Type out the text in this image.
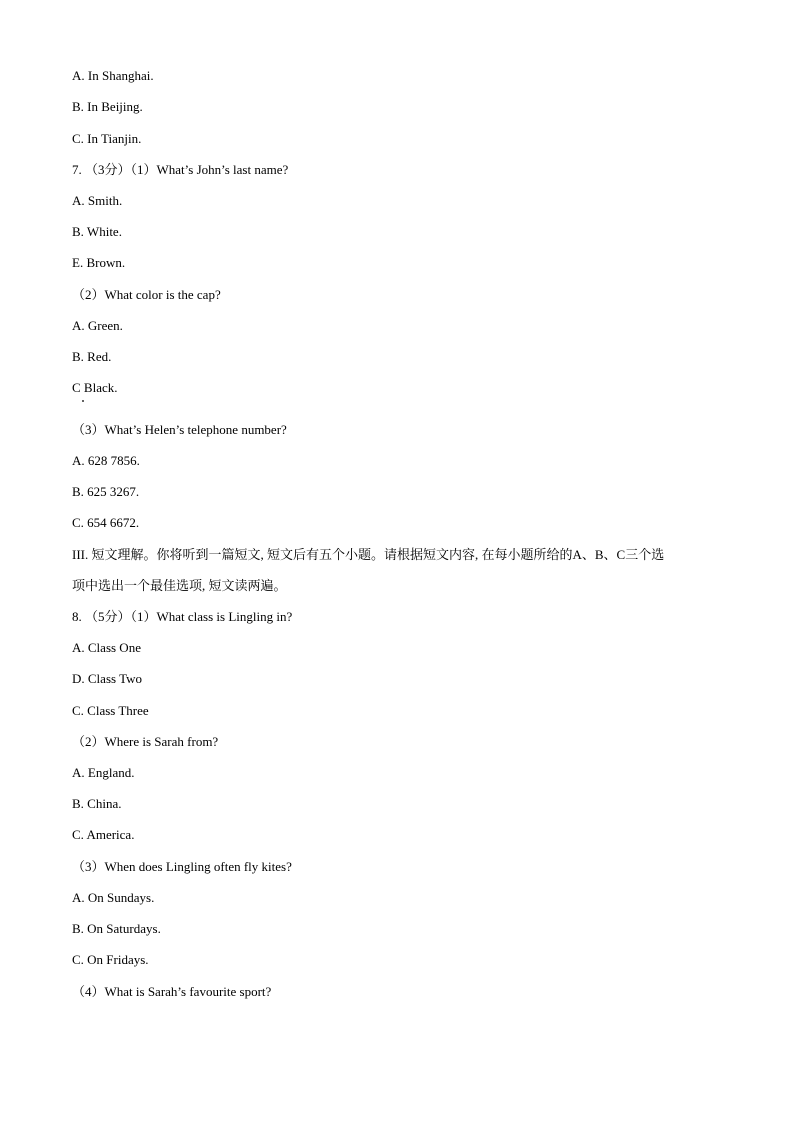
A. In Shanghai.
B. In Beijing.
C. In Tianjin.
7. （3分）（1）What’s John’s last name?
A. Smith.
B. White.
E. Brown.
（2）What color is the cap?
A. Green.
B. Red.
C Black.
（3）What’s Helen’s telephone number?
A. 628 7856.
B. 625 3267.
C. 654 6672.
III. 短文理解。你将听到一篇短文, 短文后有五个小题。请根据短文内容, 在每小题所给的A、B、C三个选
项中选出一个最佳选项, 短文读两遍。
8. （5分）（1）What class is Lingling in?
A. Class One
D. Class Two
C. Class Three
（2）Where is Sarah from?
A. England.
B. China.
C. America.
（3）When does Lingling often fly kites?
A. On Sundays.
B. On Saturdays.
C. On Fridays.
（4）What is Sarah’s favourite sport?
